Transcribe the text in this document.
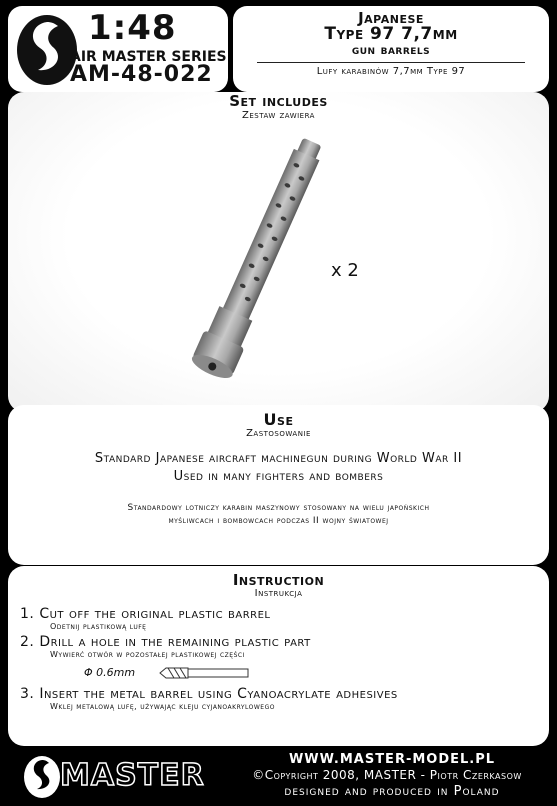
1:48
AIR MASTER SERIES
AM-48-022
Japanese
Type 97 7,7mm
gun barrels
Lufy karabinów 7,7mm Type 97
Set includes
Zestaw zawiera
x 2
Use
Zastosowanie
Standard Japanese aircraft machinegun during World War II
Used in many fighters and bombers
Standardowy lotniczy karabin maszynowy stosowany na wielu japońskich
myśliwcach i bombowcach podczas II wojny światowej
Instruction
Instrukcja
1. Cut off the original plastic barrel
Odetnij plastikową lufę
2. Drill a hole in the remaining plastic part
Wywierć otwór w pozostałej plastikowej części
Φ 0.6mm
3. Insert the metal barrel using Cyanoacrylate adhesives
Wklej metalową lufę, używając kleju cyjanoakrylowego
MASTER	WWW.MASTER-MODEL.PL
©Copyright 2008, MASTER - Piotr Czerkasow
designed and produced in Poland
